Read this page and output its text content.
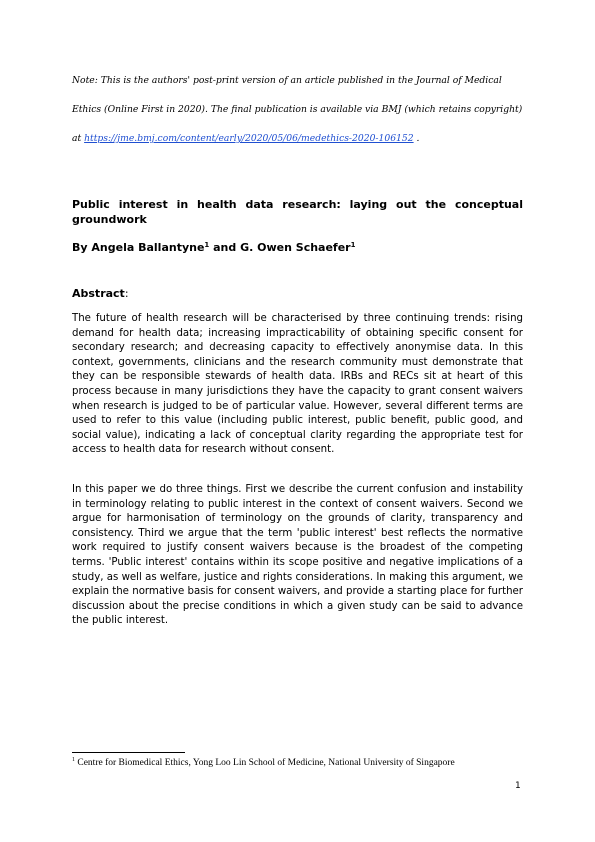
Note: This is the authors' post-print version of an article published in the Journal of Medical
Ethics (Online First in 2020). The final publication is available via BMJ (which retains copyright)
at https://jme.bmj.com/content/early/2020/05/06/medethics-2020-106152 .
Public interest in health data research: laying out the conceptual groundwork
By Angela Ballantyne$^1$ and G. Owen Schaefer$^1$
Abstract:

The future of health research will be characterised by three continuing trends: rising demand for health data; increasing impracticability of obtaining specific consent for secondary research; and decreasing capacity to effectively anonymise data. In this context, governments, clinicians and the research community must demonstrate that they can be responsible stewards of health data. IRBs and RECs sit at heart of this process because in many jurisdictions they have the capacity to grant consent waivers when research is judged to be of particular value. However, several different terms are used to refer to this value (including public interest, public benefit, public good, and social value), indicating a lack of conceptual clarity regarding the appropriate test for access to health data for research without consent.

In this paper we do three things. First we describe the current confusion and instability in terminology relating to public interest in the context of consent waivers. Second we argue for harmonisation of terminology on the grounds of clarity, transparency and consistency. Third we argue that the term 'public interest' best reflects the normative work required to justify consent waivers because is the broadest of the competing terms. 'Public interest' contains within its scope positive and negative implications of a study, as well as welfare, justice and rights considerations. In making this argument, we explain the normative basis for consent waivers, and provide a starting place for further discussion about the precise conditions in which a given study can be said to advance the public interest.

$^1$ Centre for Biomedical Ethics, Yong Loo Lin School of Medicine, National University of Singapore
1
